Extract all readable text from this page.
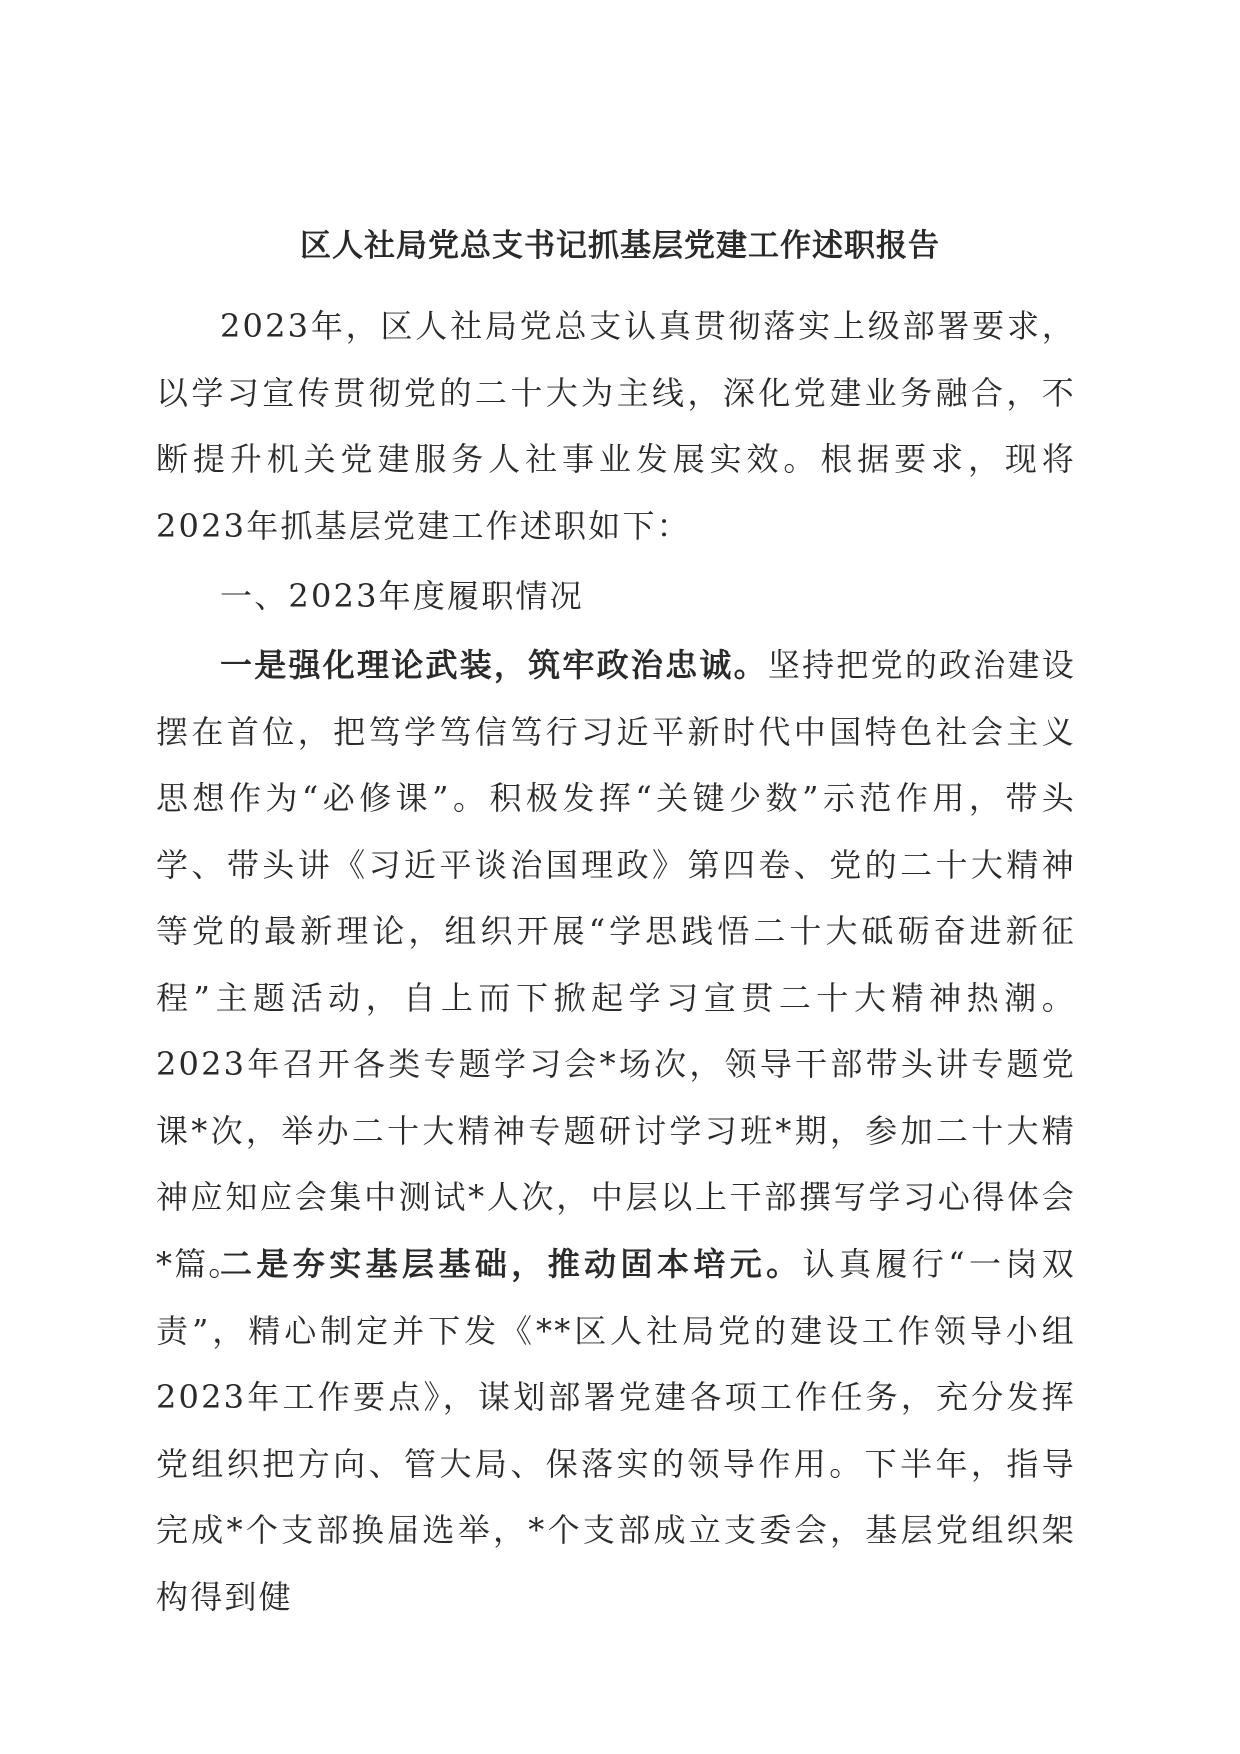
区人社局党总支书记抓基层党建工作述职报告

2023年，区人社局党总支认真贯彻落实上级部署要求，以学习宣传贯彻党的二十大为主线，深化党建业务融合，不断提升机关党建服务人社事业发展实效。根据要求，现将2023年抓基层党建工作述职如下：

一、2023年度履职情况

一是强化理论武装，筑牢政治忠诚。坚持把党的政治建设摆在首位，把笃学笃信笃行习近平新时代中国特色社会主义思想作为“必修课”。积极发挥“关键少数”示范作用，带头学、带头讲《习近平谈治国理政》第四卷、党的二十大精神等党的最新理论，组织开展“学思践悟二十大砥砺奋进新征程”主题活动，自上而下掀起学习宣贯二十大精神热潮。2023年召开各类专题学习会*场次，领导干部带头讲专题党课*次，举办二十大精神专题研讨学习班*期，参加二十大精神应知应会集中测试*人次，中层以上干部撰写学习心得体会*篇。

二是夯实基层基础，推动固本培元。认真履行“一岗双责”，精心制定并下发《**区人社局党的建设工作领导小组2023年工作要点》，谋划部署党建各项工作任务，充分发挥党组织把方向、管大局、保落实的领导作用。下半年，指导完成*个支部换届选举，*个支部成立支委会，基层党组织架构得到健
